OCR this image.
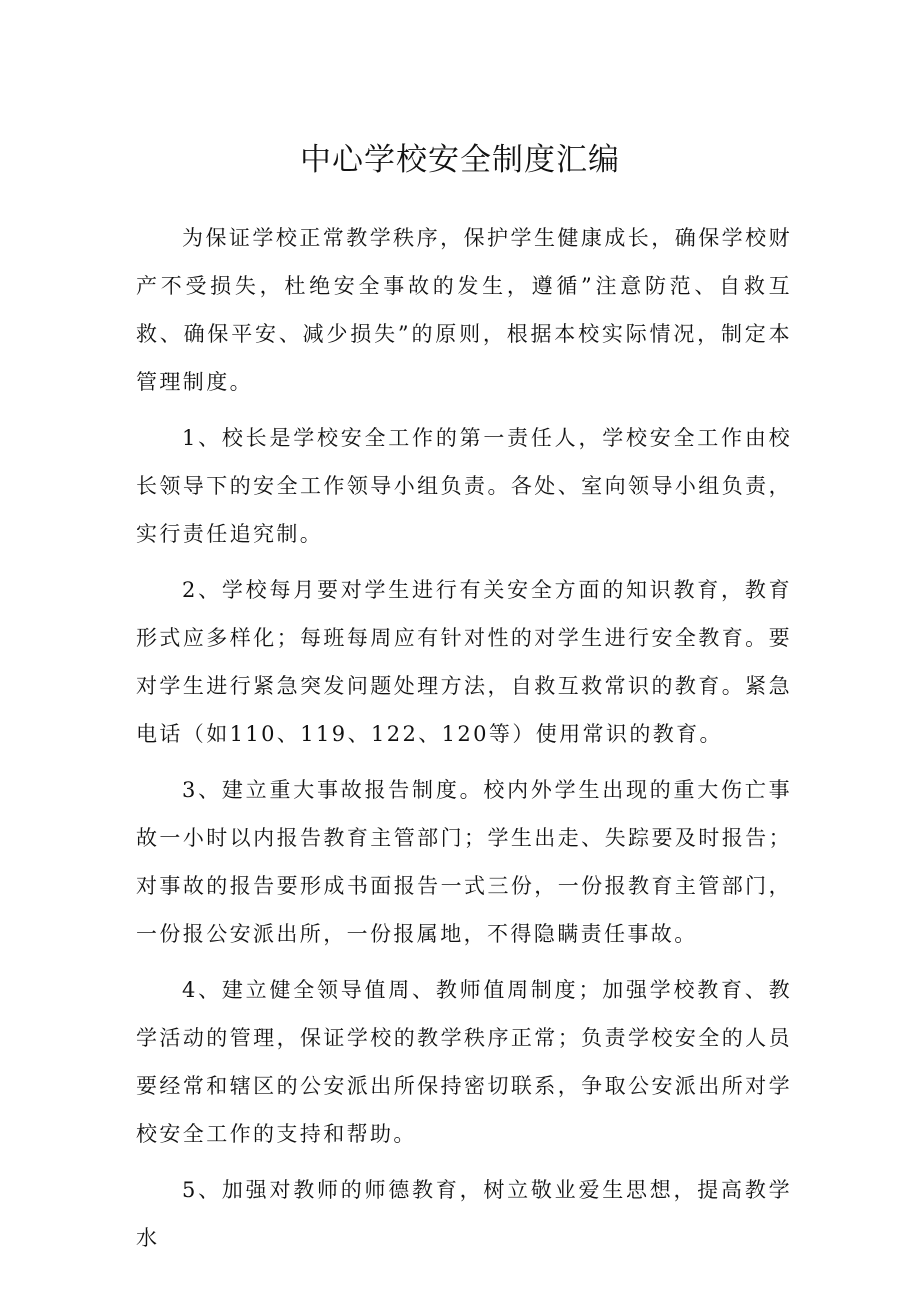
中心学校安全制度汇编

为保证学校正常教学秩序，保护学生健康成长，确保学校财产不受损失，杜绝安全事故的发生，遵循”注意防范、自救互救、确保平安、减少损失”的原则，根据本校实际情况，制定本管理制度。

1、校长是学校安全工作的第一责任人，学校安全工作由校长领导下的安全工作领导小组负责。各处、室向领导小组负责，实行责任追究制。

2、学校每月要对学生进行有关安全方面的知识教育，教育形式应多样化；每班每周应有针对性的对学生进行安全教育。要对学生进行紧急突发问题处理方法，自救互救常识的教育。紧急电话（如110、119、122、120等）使用常识的教育。

3、建立重大事故报告制度。校内外学生出现的重大伤亡事故一小时以内报告教育主管部门；学生出走、失踪要及时报告；对事故的报告要形成书面报告一式三份，一份报教育主管部门，一份报公安派出所，一份报属地，不得隐瞒责任事故。

4、建立健全领导值周、教师值周制度；加强学校教育、教学活动的管理，保证学校的教学秩序正常；负责学校安全的人员要经常和辖区的公安派出所保持密切联系，争取公安派出所对学校安全工作的支持和帮助。

5、加强对教师的师德教育，树立敬业爱生思想，提高教学水
